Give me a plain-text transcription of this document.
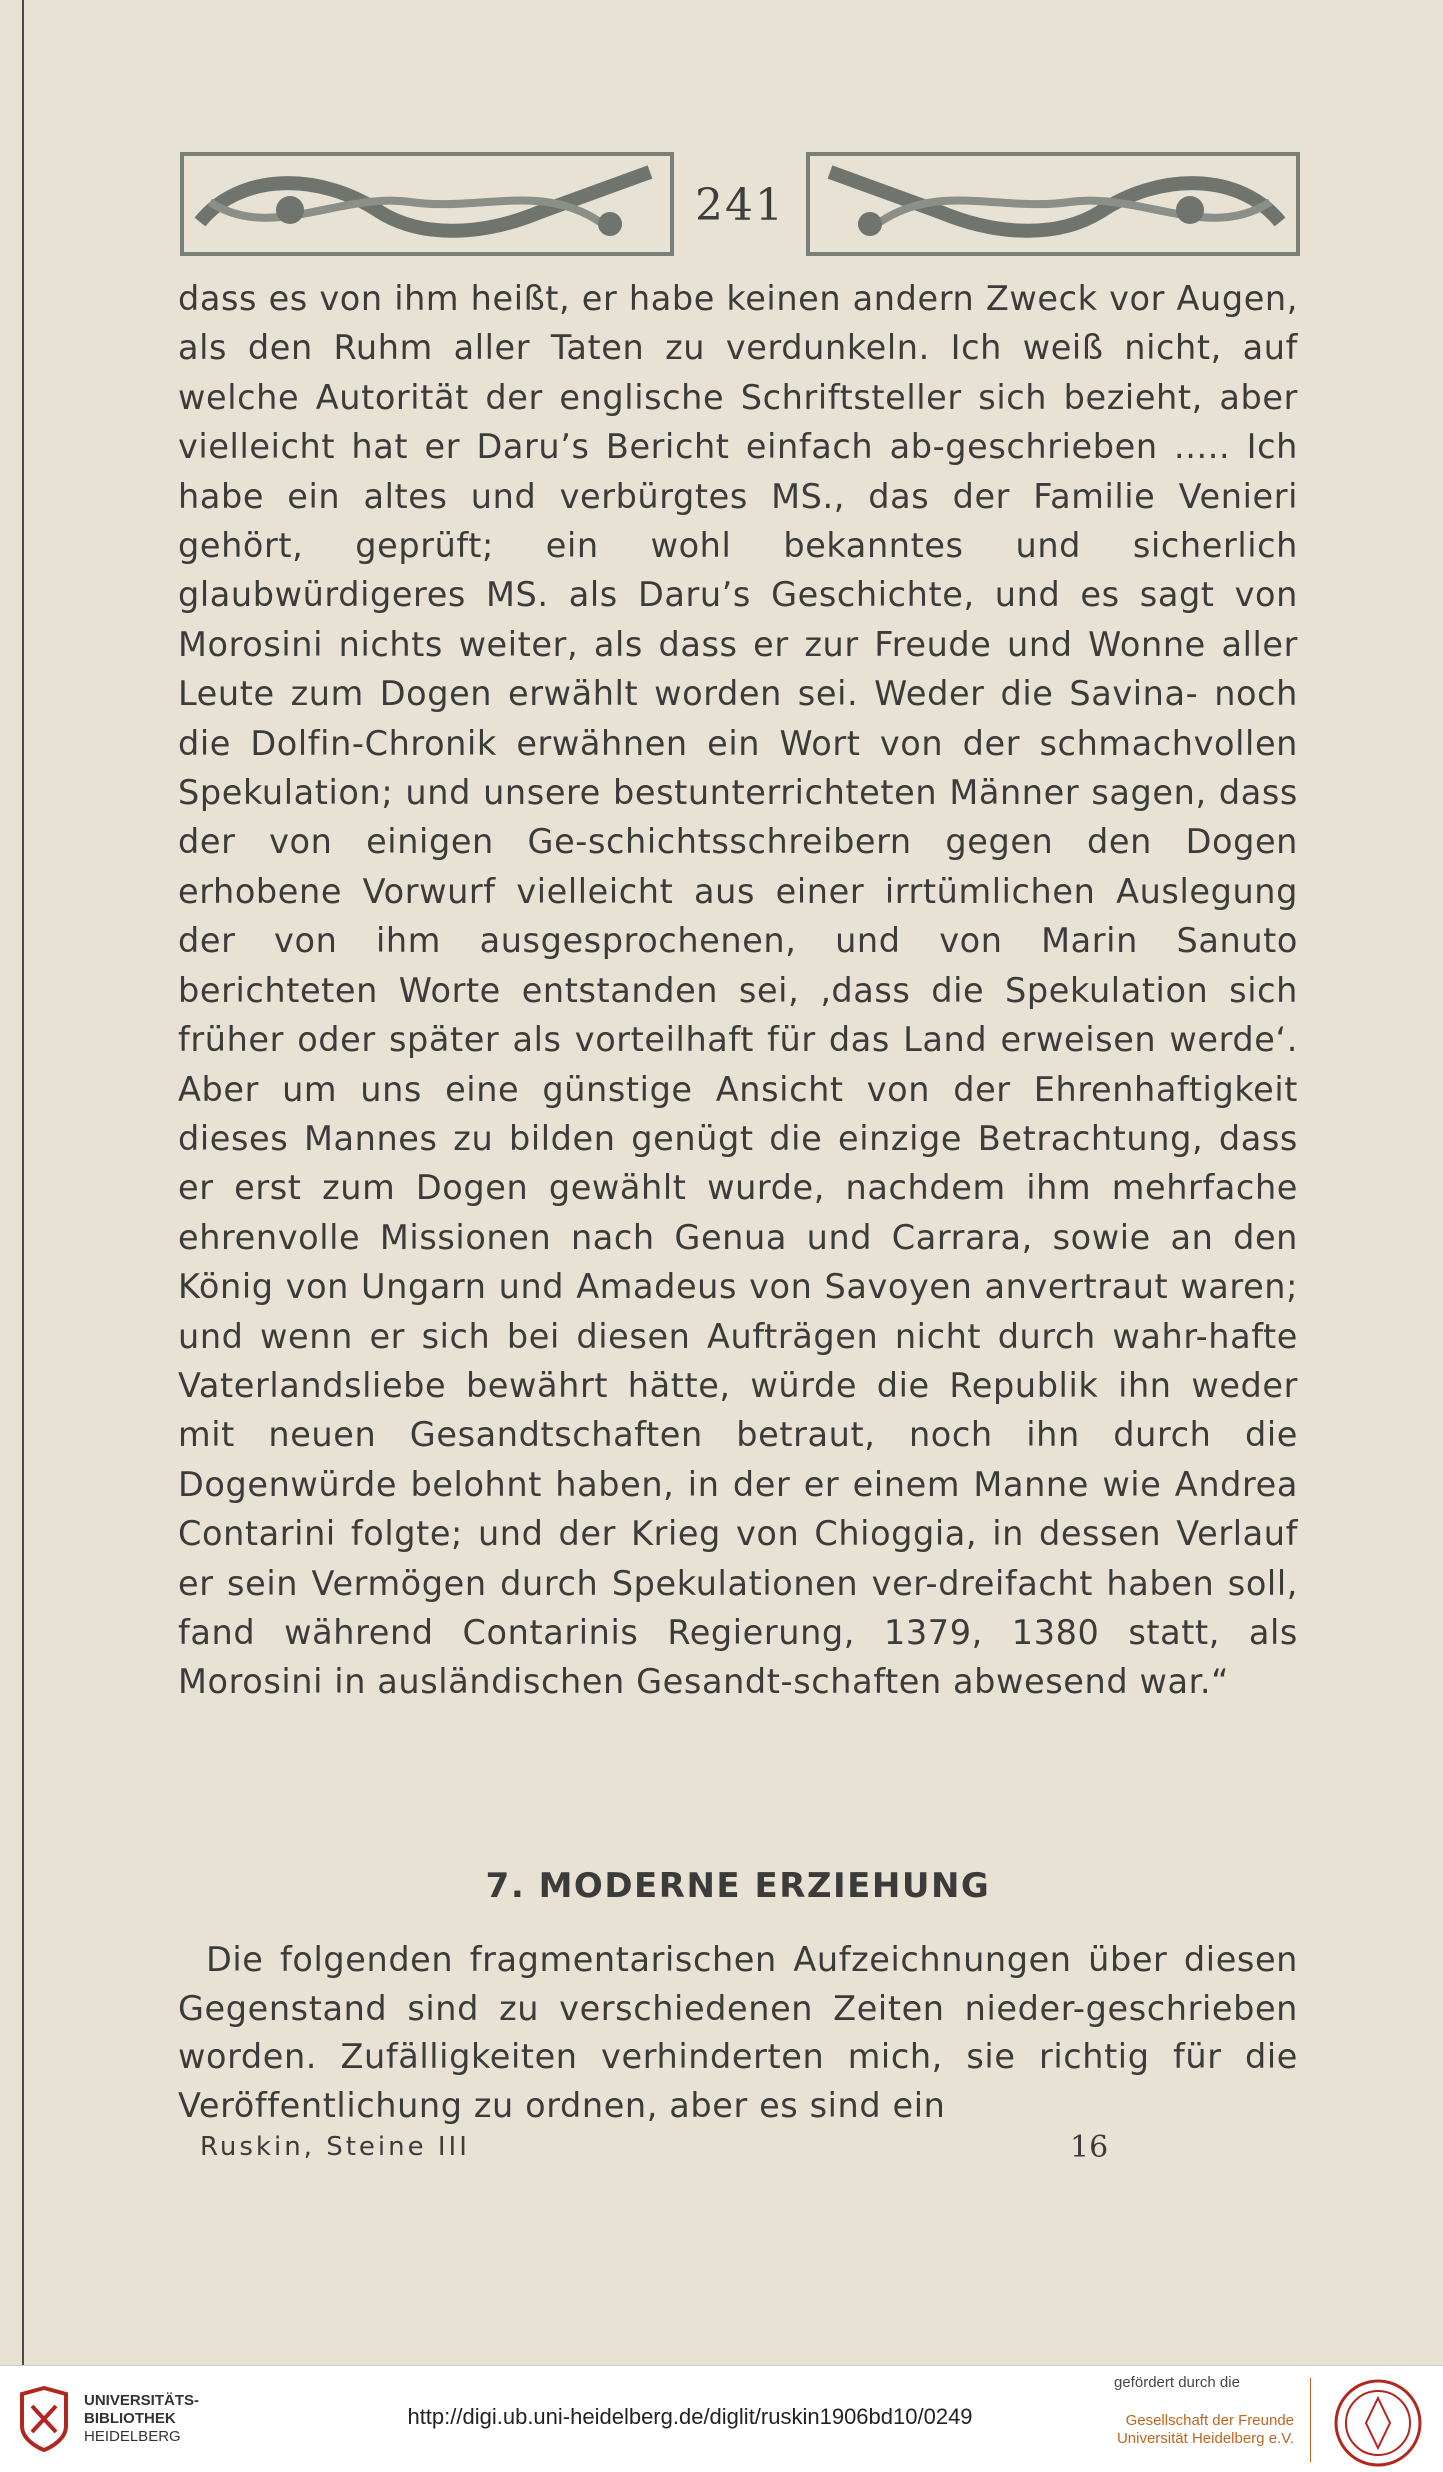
241

dass es von ihm heißt, er habe keinen andern Zweck vor Augen, als den Ruhm aller Taten zu verdunkeln. Ich weiß nicht, auf welche Autorität der englische Schriftsteller sich bezieht, aber vielleicht hat er Daru’s Bericht einfach ab-geschrieben ..... Ich habe ein altes und verbürgtes MS., das der Familie Venieri gehört, geprüft; ein wohl bekanntes und sicherlich glaubwürdigeres MS. als Daru’s Geschichte, und es sagt von Morosini nichts weiter, als dass er zur Freude und Wonne aller Leute zum Dogen erwählt worden sei. Weder die Savina- noch die Dolfin-Chronik erwähnen ein Wort von der schmachvollen Spekulation; und unsere bestunterrichteten Männer sagen, dass der von einigen Ge-schichtsschreibern gegen den Dogen erhobene Vorwurf vielleicht aus einer irrtümlichen Auslegung der von ihm ausgesprochenen, und von Marin Sanuto berichteten Worte entstanden sei, ‚dass die Spekulation sich früher oder später als vorteilhaft für das Land erweisen werde‘. Aber um uns eine günstige Ansicht von der Ehrenhaftigkeit dieses Mannes zu bilden genügt die einzige Betrachtung, dass er erst zum Dogen gewählt wurde, nachdem ihm mehrfache ehrenvolle Missionen nach Genua und Carrara, sowie an den König von Ungarn und Amadeus von Savoyen anvertraut waren; und wenn er sich bei diesen Aufträgen nicht durch wahr-hafte Vaterlandsliebe bewährt hätte, würde die Republik ihn weder mit neuen Gesandtschaften betraut, noch ihn durch die Dogenwürde belohnt haben, in der er einem Manne wie Andrea Contarini folgte; und der Krieg von Chioggia, in dessen Verlauf er sein Vermögen durch Spekulationen ver-dreifacht haben soll, fand während Contarinis Regierung, 1379, 1380 statt, als Morosini in ausländischen Gesandt-schaften abwesend war.“

7. MODERNE ERZIEHUNG

Die folgenden fragmentarischen Aufzeichnungen über diesen Gegenstand sind zu verschiedenen Zeiten nieder-geschrieben worden. Zufälligkeiten verhinderten mich, sie richtig für die Veröffentlichung zu ordnen, aber es sind ein

Ruskin, Steine III	16
UNIVERSITÄTS-
BIBLIOTHEK
HEIDELBERG
http://digi.ub.uni-heidelberg.de/diglit/ruskin1906bd10/0249
gefördert durch die
Gesellschaft der Freunde
Universität Heidelberg e.V.
